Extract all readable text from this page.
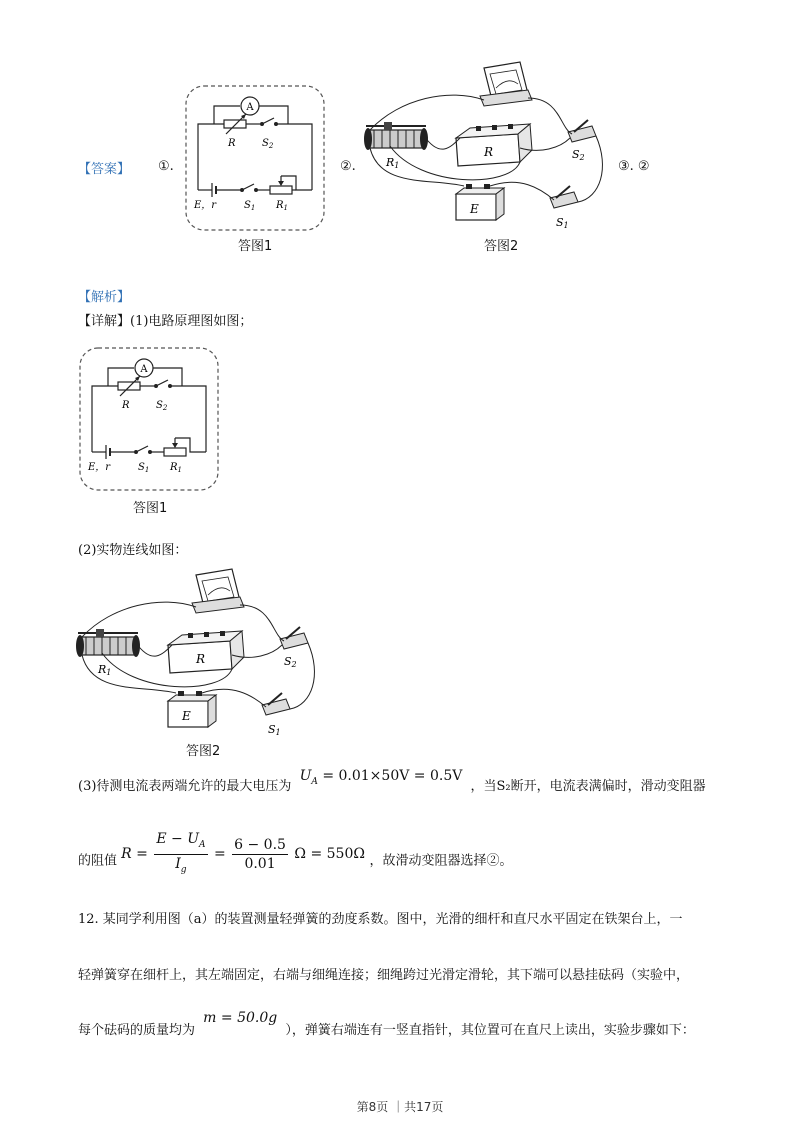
【答案】 ①.
A
R	$S_2$
E，r	$S_1$ $R_1$
答图1
②.	R1
R	S2
E
S1
答图2
③. ②
【解析】
【详解】(1)电路原理图如图；
A
R	$S_2$
E，r	$S_1$ $R_1$
答图1
(2)实物连线如图：
R1
R	S2
E
S1
答图2
(3)待测电流表两端允许的最大电压为 $U_A = 0.01\times 50V = 0.5V$ ，当S₂断开，电流表满偏时，滑动变阻器
的阻值 $R = \frac{E - U_A}{I_g} = \frac{6 - 0.5}{0.01}$ Ω = 550Ω ，故滑动变阻器选择②。
12. 某同学利用图（a）的装置测量轻弹簧的劲度系数。图中，光滑的细杆和直尺水平固定在铁架台上，一
轻弹簧穿在细杆上，其左端固定，右端与细绳连接；细绳跨过光滑定滑轮，其下端可以悬挂砝码（实验中，
每个砝码的质量均为 m = 50.0g ），弹簧右端连有一竖直指针，其位置可在直尺上读出，实验步骤如下：
第8页 ｜共17页
